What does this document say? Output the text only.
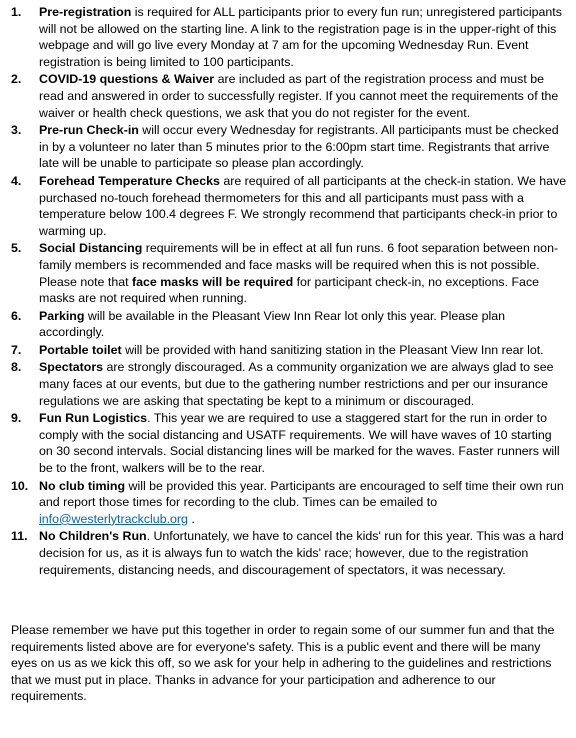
1.	Pre-registration is required for ALL participants prior to every fun run; unregistered participants will not be allowed on the starting line. A link to the registration page is in the upper-right of this webpage and will go live every Monday at 7 am for the upcoming Wednesday Run. Event registration is being limited to 100 participants.
2.	COVID-19 questions & Waiver are included as part of the registration process and must be read and answered in order to successfully register. If you cannot meet the requirements of the waiver or health check questions, we ask that you do not register for the event.
3.	Pre-run Check-in will occur every Wednesday for registrants. All participants must be checked in by a volunteer no later than 5 minutes prior to the 6:00pm start time. Registrants that arrive late will be unable to participate so please plan accordingly.
4.	Forehead Temperature Checks are required of all participants at the check-in station. We have purchased no-touch forehead thermometers for this and all participants must pass with a temperature below 100.4 degrees F. We strongly recommend that participants check-in prior to warming up.
5.	Social Distancing requirements will be in effect at all fun runs. 6 foot separation between non-family members is recommended and face masks will be required when this is not possible. Please note that face masks will be required for participant check-in, no exceptions. Face masks are not required when running.
6.	Parking will be available in the Pleasant View Inn Rear lot only this year. Please plan accordingly.
7.	Portable toilet will be provided with hand sanitizing station in the Pleasant View Inn rear lot.
8.	Spectators are strongly discouraged. As a community organization we are always glad to see many faces at our events, but due to the gathering number restrictions and per our insurance regulations we are asking that spectating be kept to a minimum or discouraged.
9.	Fun Run Logistics. This year we are required to use a staggered start for the run in order to comply with the social distancing and USATF requirements. We will have waves of 10 starting on 30 second intervals. Social distancing lines will be marked for the waves. Faster runners will be to the front, walkers will be to the rear.
10. No club timing will be provided this year. Participants are encouraged to self time their own run and report those times for recording to the club. Times can be emailed to info@westerlytrackclub.org .
11. No Children's Run. Unfortunately, we have to cancel the kids' run for this year. This was a hard decision for us, as it is always fun to watch the kids' race; however, due to the registration requirements, distancing needs, and discouragement of spectators, it was necessary.

Please remember we have put this together in order to regain some of our summer fun and that the requirements listed above are for everyone's safety. This is a public event and there will be many eyes on us as we kick this off, so we ask for your help in adhering to the guidelines and restrictions that we must put in place. Thanks in advance for your participation and adherence to our requirements.
